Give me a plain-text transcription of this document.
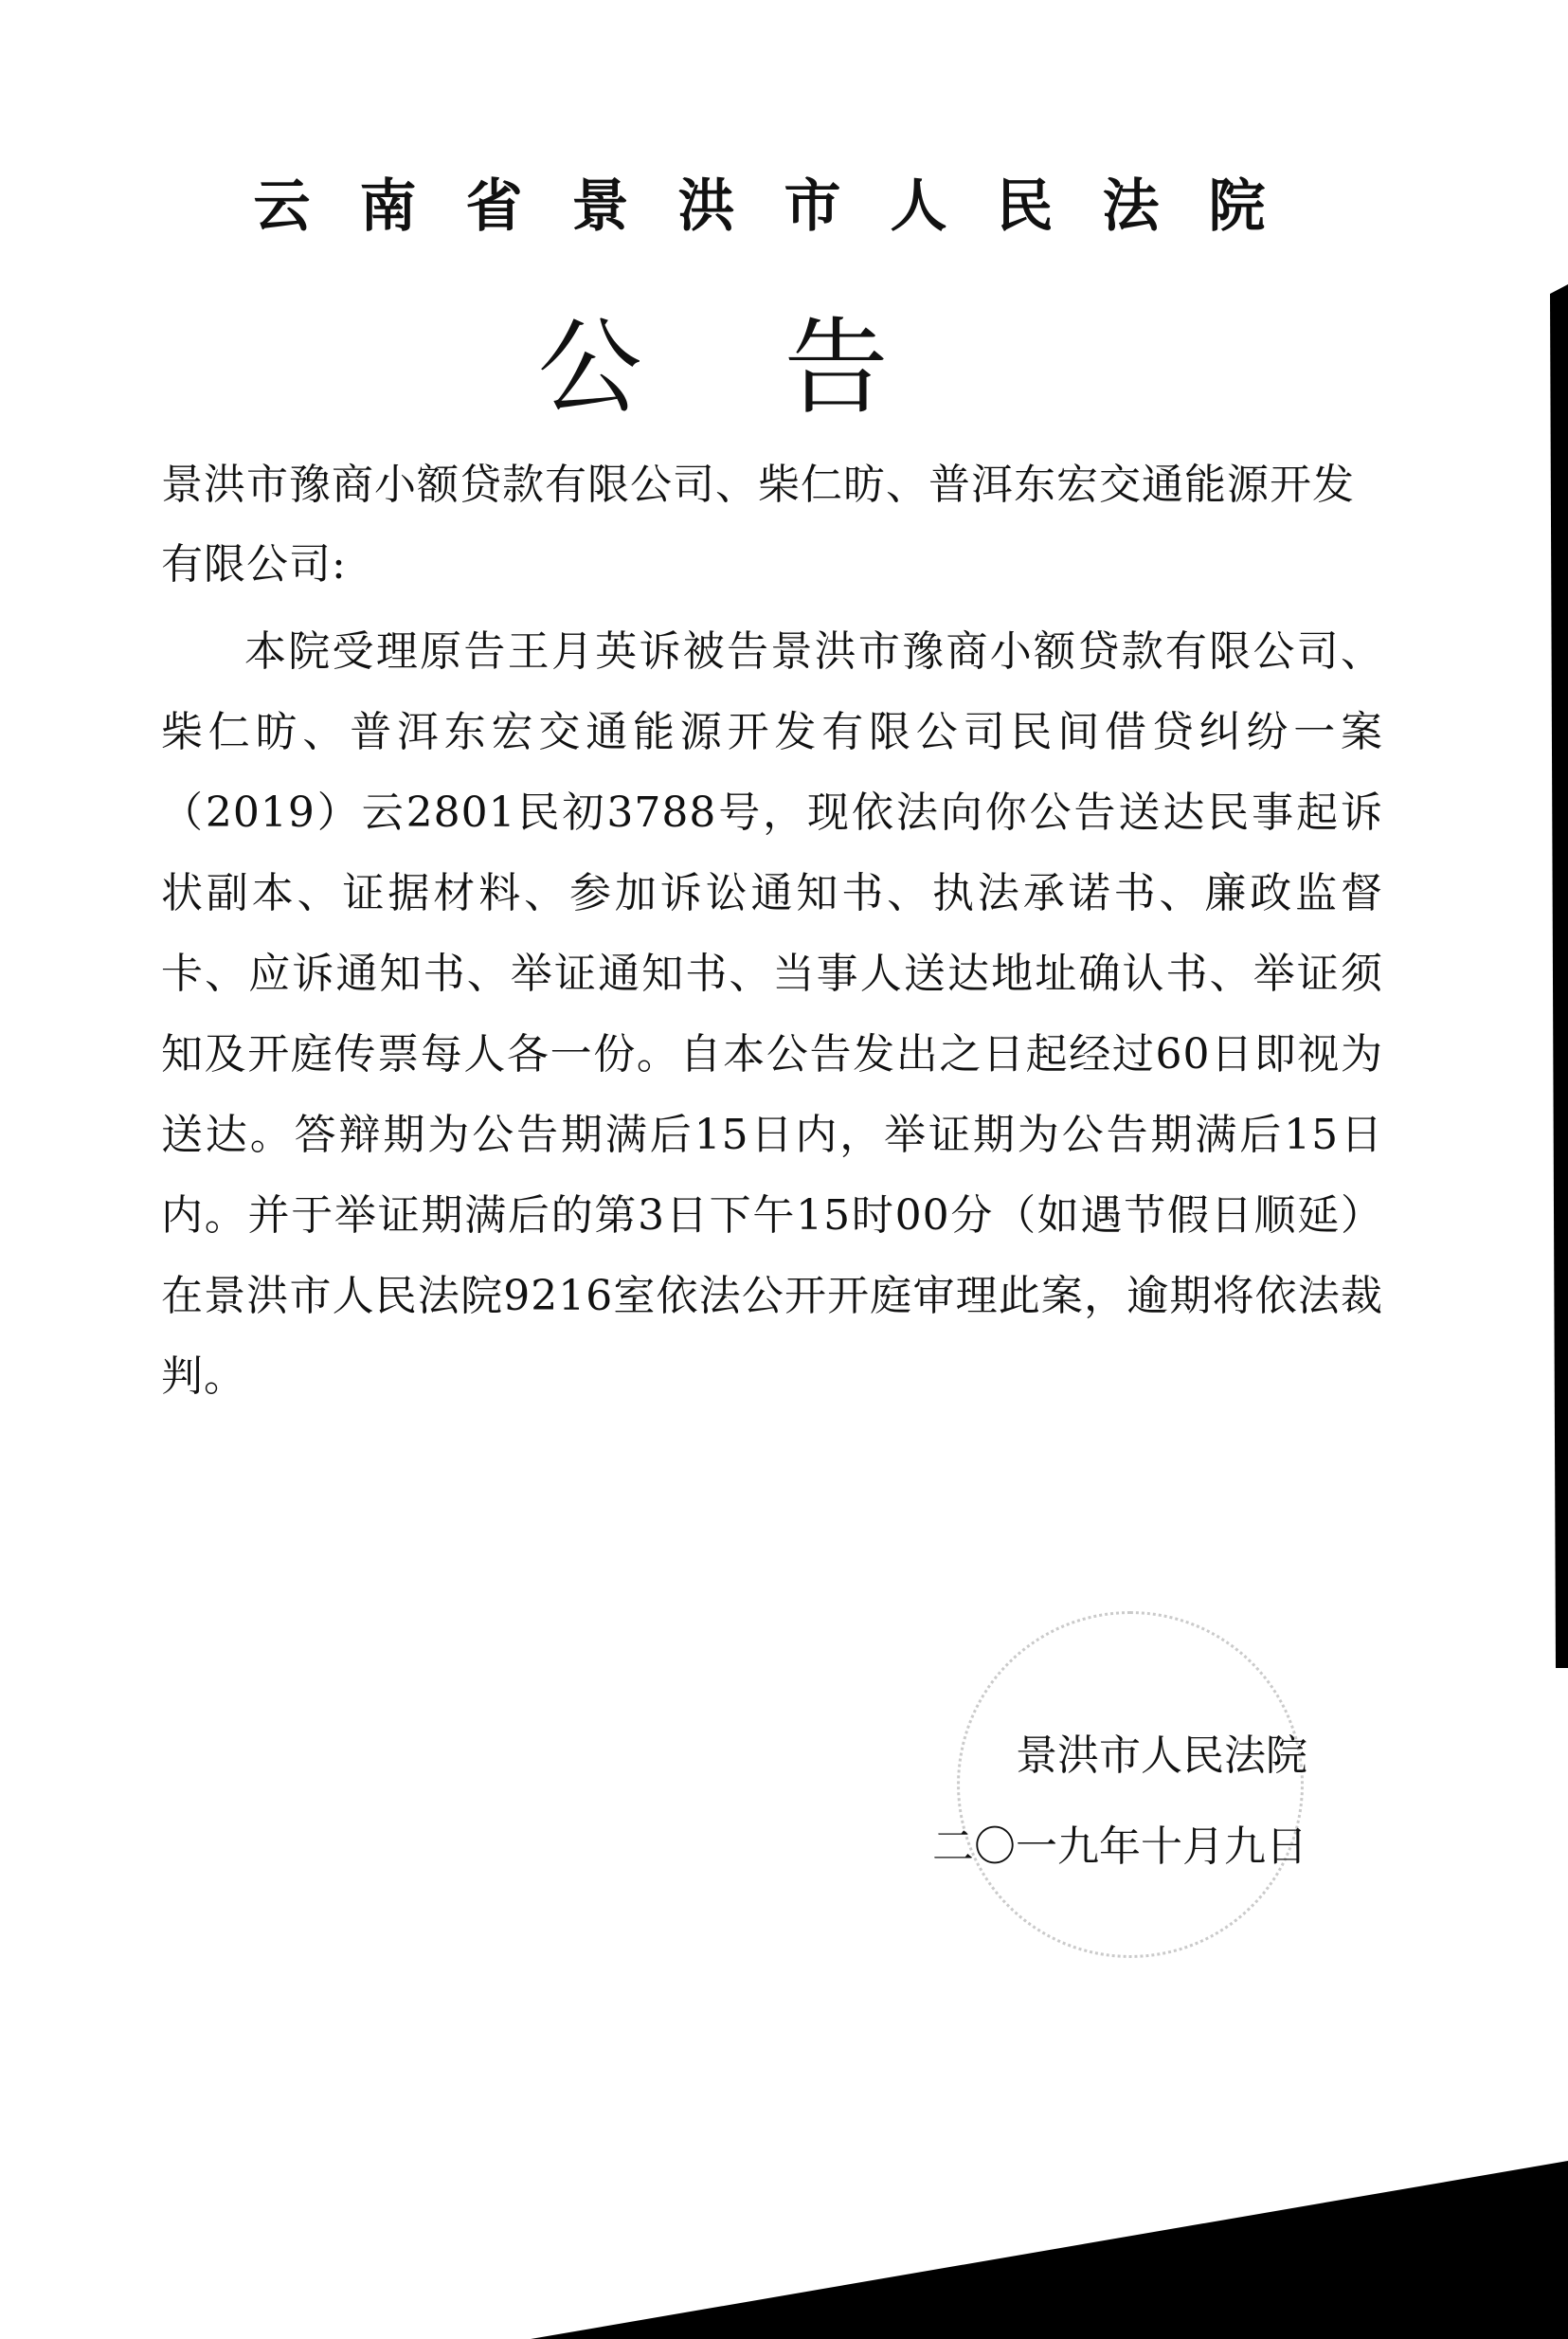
云南省景洪市人民法院
公告
景洪市豫商小额贷款有限公司、柴仁昉、普洱东宏交通能源开发有限公司:
本院受理原告王月英诉被告景洪市豫商小额贷款有限公司、柴仁昉、普洱东宏交通能源开发有限公司民间借贷纠纷一案（2019）云2801民初3788号，现依法向你公告送达民事起诉状副本、证据材料、参加诉讼通知书、执法承诺书、廉政监督卡、应诉通知书、举证通知书、当事人送达地址确认书、举证须知及开庭传票每人各一份。自本公告发出之日起经过60日即视为送达。答辩期为公告期满后15日内，举证期为公告期满后15日内。并于举证期满后的第3日下午15时00分（如遇节假日顺延）在景洪市人民法院9216室依法公开开庭审理此案，逾期将依法裁判。
景洪市人民法院
二〇一九年十月九日
